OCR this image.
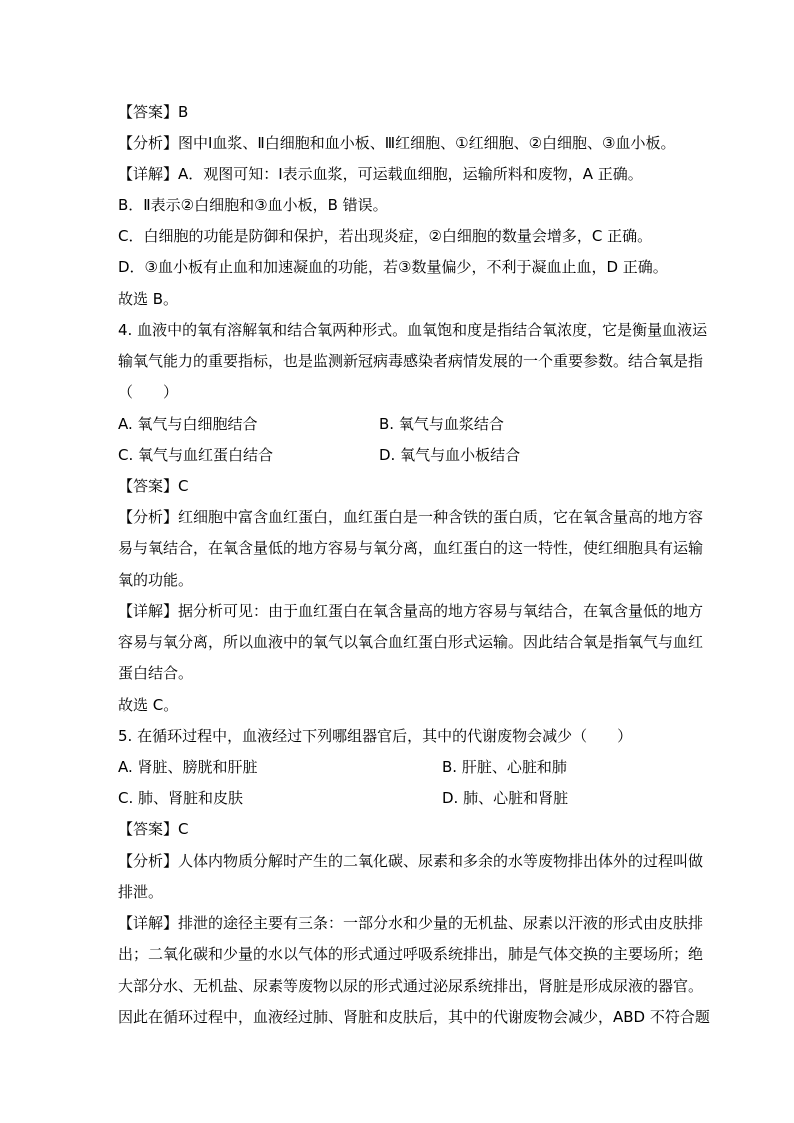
【答案】B
【分析】图中Ⅰ血浆、Ⅱ白细胞和血小板、Ⅲ红细胞、①红细胞、②白细胞、③血小板。
【详解】A．观图可知：Ⅰ表示血浆，可运载血细胞，运输所料和废物，A 正确。
B．Ⅱ表示②白细胞和③血小板，B 错误。
C．白细胞的功能是防御和保护，若出现炎症，②白细胞的数量会增多，C 正确。
D．③血小板有止血和加速凝血的功能，若③数量偏少，不利于凝血止血，D 正确。
故选 B。
4. 血液中的氧有溶解氧和结合氧两种形式。血氧饱和度是指结合氧浓度，它是衡量血液运
输氧气能力的重要指标，也是监测新冠病毒感染者病情发展的一个重要参数。结合氧是指
（　　）
A. 氧气与白细胞结合	B. 氧气与血浆结合
C. 氧气与血红蛋白结合	D. 氧气与血小板结合
【答案】C
【分析】红细胞中富含血红蛋白，血红蛋白是一种含铁的蛋白质，它在氧含量高的地方容
易与氧结合，在氧含量低的地方容易与氧分离，血红蛋白的这一特性，使红细胞具有运输
氧的功能。
【详解】据分析可见：由于血红蛋白在氧含量高的地方容易与氧结合，在氧含量低的地方
容易与氧分离，所以血液中的氧气以氧合血红蛋白形式运输。因此结合氧是指氧气与血红
蛋白结合。
故选 C。
5. 在循环过程中，血液经过下列哪组器官后，其中的代谢废物会减少（　　）
A. 肾脏、膀胱和肝脏	B. 肝脏、心脏和肺
C. 肺、肾脏和皮肤	D. 肺、心脏和肾脏
【答案】C
【分析】人体内物质分解时产生的二氧化碳、尿素和多余的水等废物排出体外的过程叫做
排泄。
【详解】排泄的途径主要有三条：一部分水和少量的无机盐、尿素以汗液的形式由皮肤排
出；二氧化碳和少量的水以气体的形式通过呼吸系统排出，肺是气体交换的主要场所；绝
大部分水、无机盐、尿素等废物以尿的形式通过泌尿系统排出，肾脏是形成尿液的器官。
因此在循环过程中，血液经过肺、肾脏和皮肤后，其中的代谢废物会减少，ABD 不符合题
